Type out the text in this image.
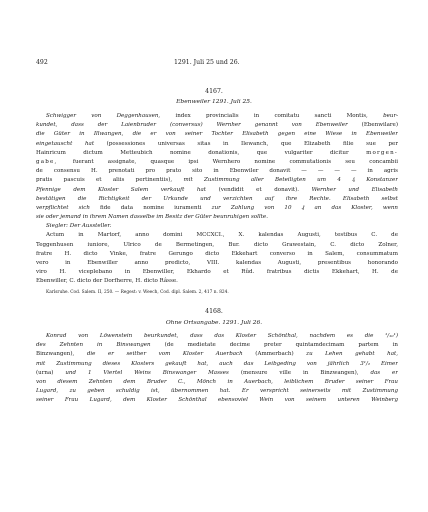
492	1291. Juli 25 und 26.
4167.
Ebenweiler 1291. Juli 25.
Schwigger von Deggenhausen, index provincialis in comitatu sancti Montis, beur-
kundet, dass der Laienbruder (conversus) Wernher genannt von Ebenweiler (Ebenwilare)
die Güter in Illwangen, die er von seiner Tochter Elisabeth gegen eine Wiese in Ebenweiler
eingetauscht hat (possessiones universas sitas in Ilewanch, que Elizabeth filie sue per
Hainricum dictum Metteubich nomine donationis, que vulgariter dicitur morgen-
gabe, fuerant assignate, quasque ipsi Wernhero nomine commutationis seu concambii
de consensu H. prenotati pro prato sito in Ebenwiler donavit — — — — in agris
pratis pascuis et aliis pertinentiis), mit Zustimmung aller Beteiligten um 4 ₰ Konstanzer
Pfennige dem Kloster Salem verkauft hat (vendidit et donavit). Wernher und Elisabeth
bestätigen die Richtigkeit der Urkunde und verzichten auf ihre Rechte. Elisabeth selbst
verpflichtet sich fide data nomine iuramenti zur Zahlung von 10 ₰ an das Kloster, wenn
sie oder jemand in ihrem Namen dasselbe im Besitz der Güter beunruhigen sollte.
Siegler: Der Aussteller.
Actum in Martorf, anno domini MCCXCI., X. kalendas Augusti, testibus C. de
Teggenhusen iuniore, Ulrico de Bermetingen, Bur. dicto Grawestain, C. dicto Zolner,
fratre H. dicto Vinke, fratre Gerungo dicto Ekkehart converso in Salem, consummatum
vero in Ebenwiller anno predicto, VIII. kalendas Augusti, presentibus honorando
viro H. viceplebano in Ebenwiller, Ekhardo et Rûd. fratribus dictis Ekkehart, H. de
Ebenwiller, C. dicto der Dorfherre, H. dicto Râsse.
Karlsruhe. Cod. Salem. II, 250. — Regest: v. Weech, Cod. dipl. Salem. 2, 417 n. 824.
4168.
Ohne Ortsangabe. 1291. Juli 26.
Konrad von Löwenstein beurkundet, dass das Kloster Schönthal, nachdem es die ¹/₁₀¹)
des Zehnten in Binswangen (de medietate decime preter quintamdecimam partem in
Binzwangen), die er seither vom Kloster Auerbach (Ammerbach) zu Lehen gehabt hat,
mit Zustimmung dieses Klosters gekauft hat, auch das Leibgeding von jährlich 3¹/₂ Eimer
(urna) und 1 Viertel Weins Binswanger Masses (mensure ville in Binzwangen), das er
von diesem Zehnten dem Bruder C., Mönch in Auerbach, leiblichem Bruder seiner Frau
Lugard, zu geben schuldig ist, übernommen hat. Er verspricht seinerseits mit Zustimmung
seiner Frau Lugard, dem Kloster Schönthal ebensoviel Wein von seinem unteren Weinberg
